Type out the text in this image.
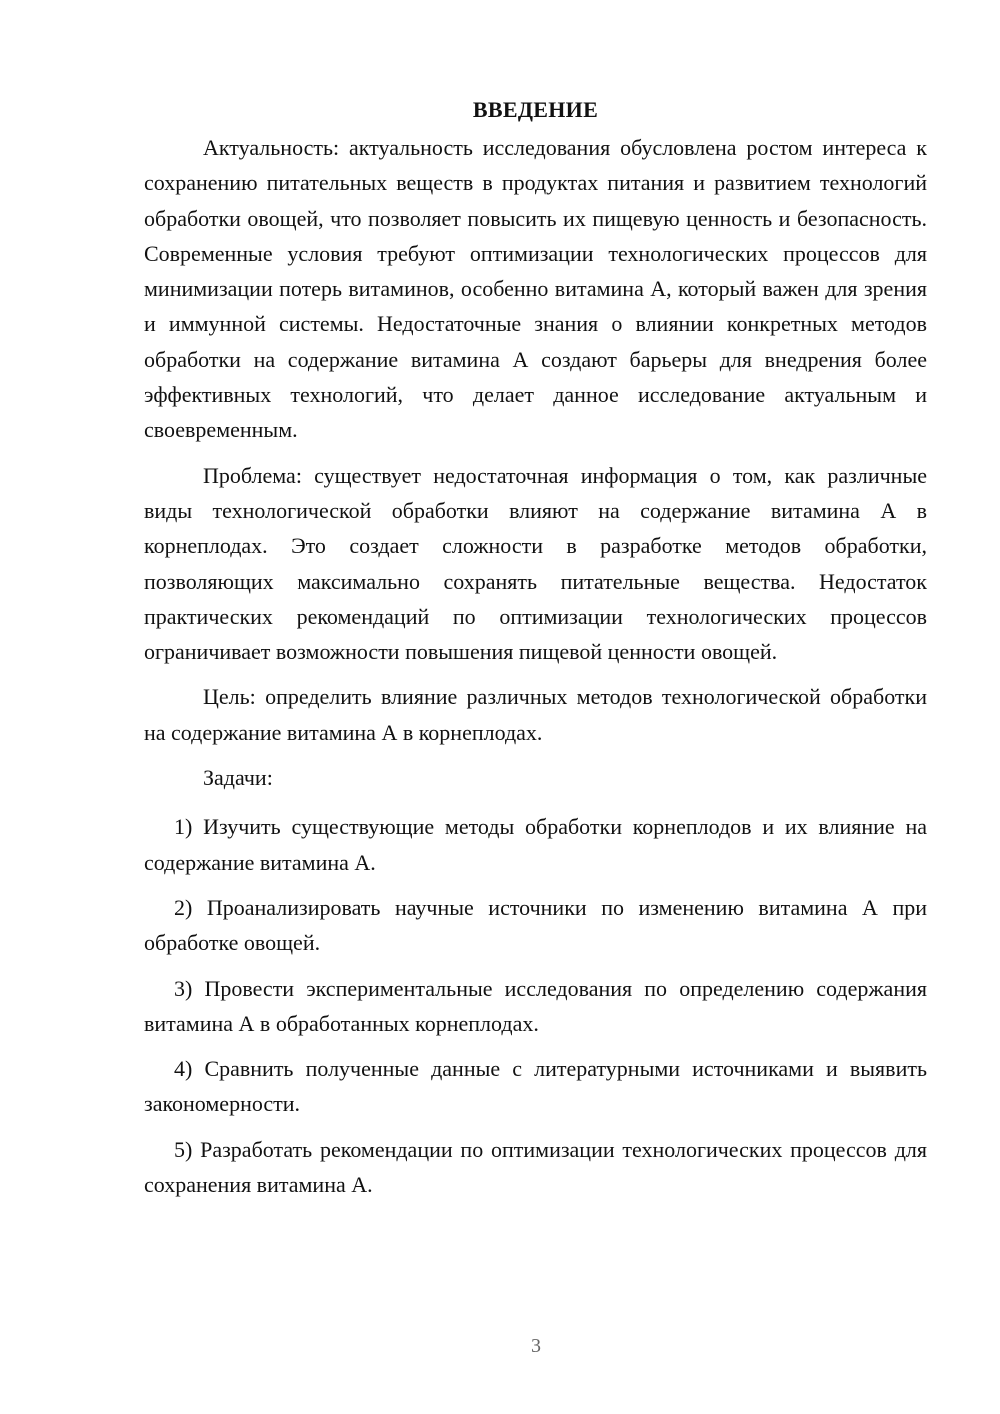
ВВЕДЕНИЕ

Актуальность: актуальность исследования обусловлена ростом интереса к сохранению питательных веществ в продуктах питания и развитием технологий обработки овощей, что позволяет повысить их пищевую ценность и безопасность. Современные условия требуют оптимизации технологических процессов для минимизации потерь витаминов, особенно витамина А, который важен для зрения и иммунной системы. Недостаточные знания о влиянии конкретных методов обработки на содержание витамина А создают барьеры для внедрения более эффективных технологий, что делает данное исследование актуальным и своевременным.

Проблема: существует недостаточная информация о том, как различные виды технологической обработки влияют на содержание витамина А в корнеплодах. Это создает сложности в разработке методов обработки, позволяющих максимально сохранять питательные вещества. Недостаток практических рекомендаций по оптимизации технологических процессов ограничивает возможности повышения пищевой ценности овощей.

Цель: определить влияние различных методов технологической обработки на содержание витамина А в корнеплодах.

Задачи:

1) Изучить существующие методы обработки корнеплодов и их влияние на содержание витамина А.

2) Проанализировать научные источники по изменению витамина А при обработке овощей.

3) Провести экспериментальные исследования по определению содержания витамина А в обработанных корнеплодах.

4) Сравнить полученные данные с литературными источниками и выявить закономерности.

5) Разработать рекомендации по оптимизации технологических процессов для сохранения витамина А.

3
